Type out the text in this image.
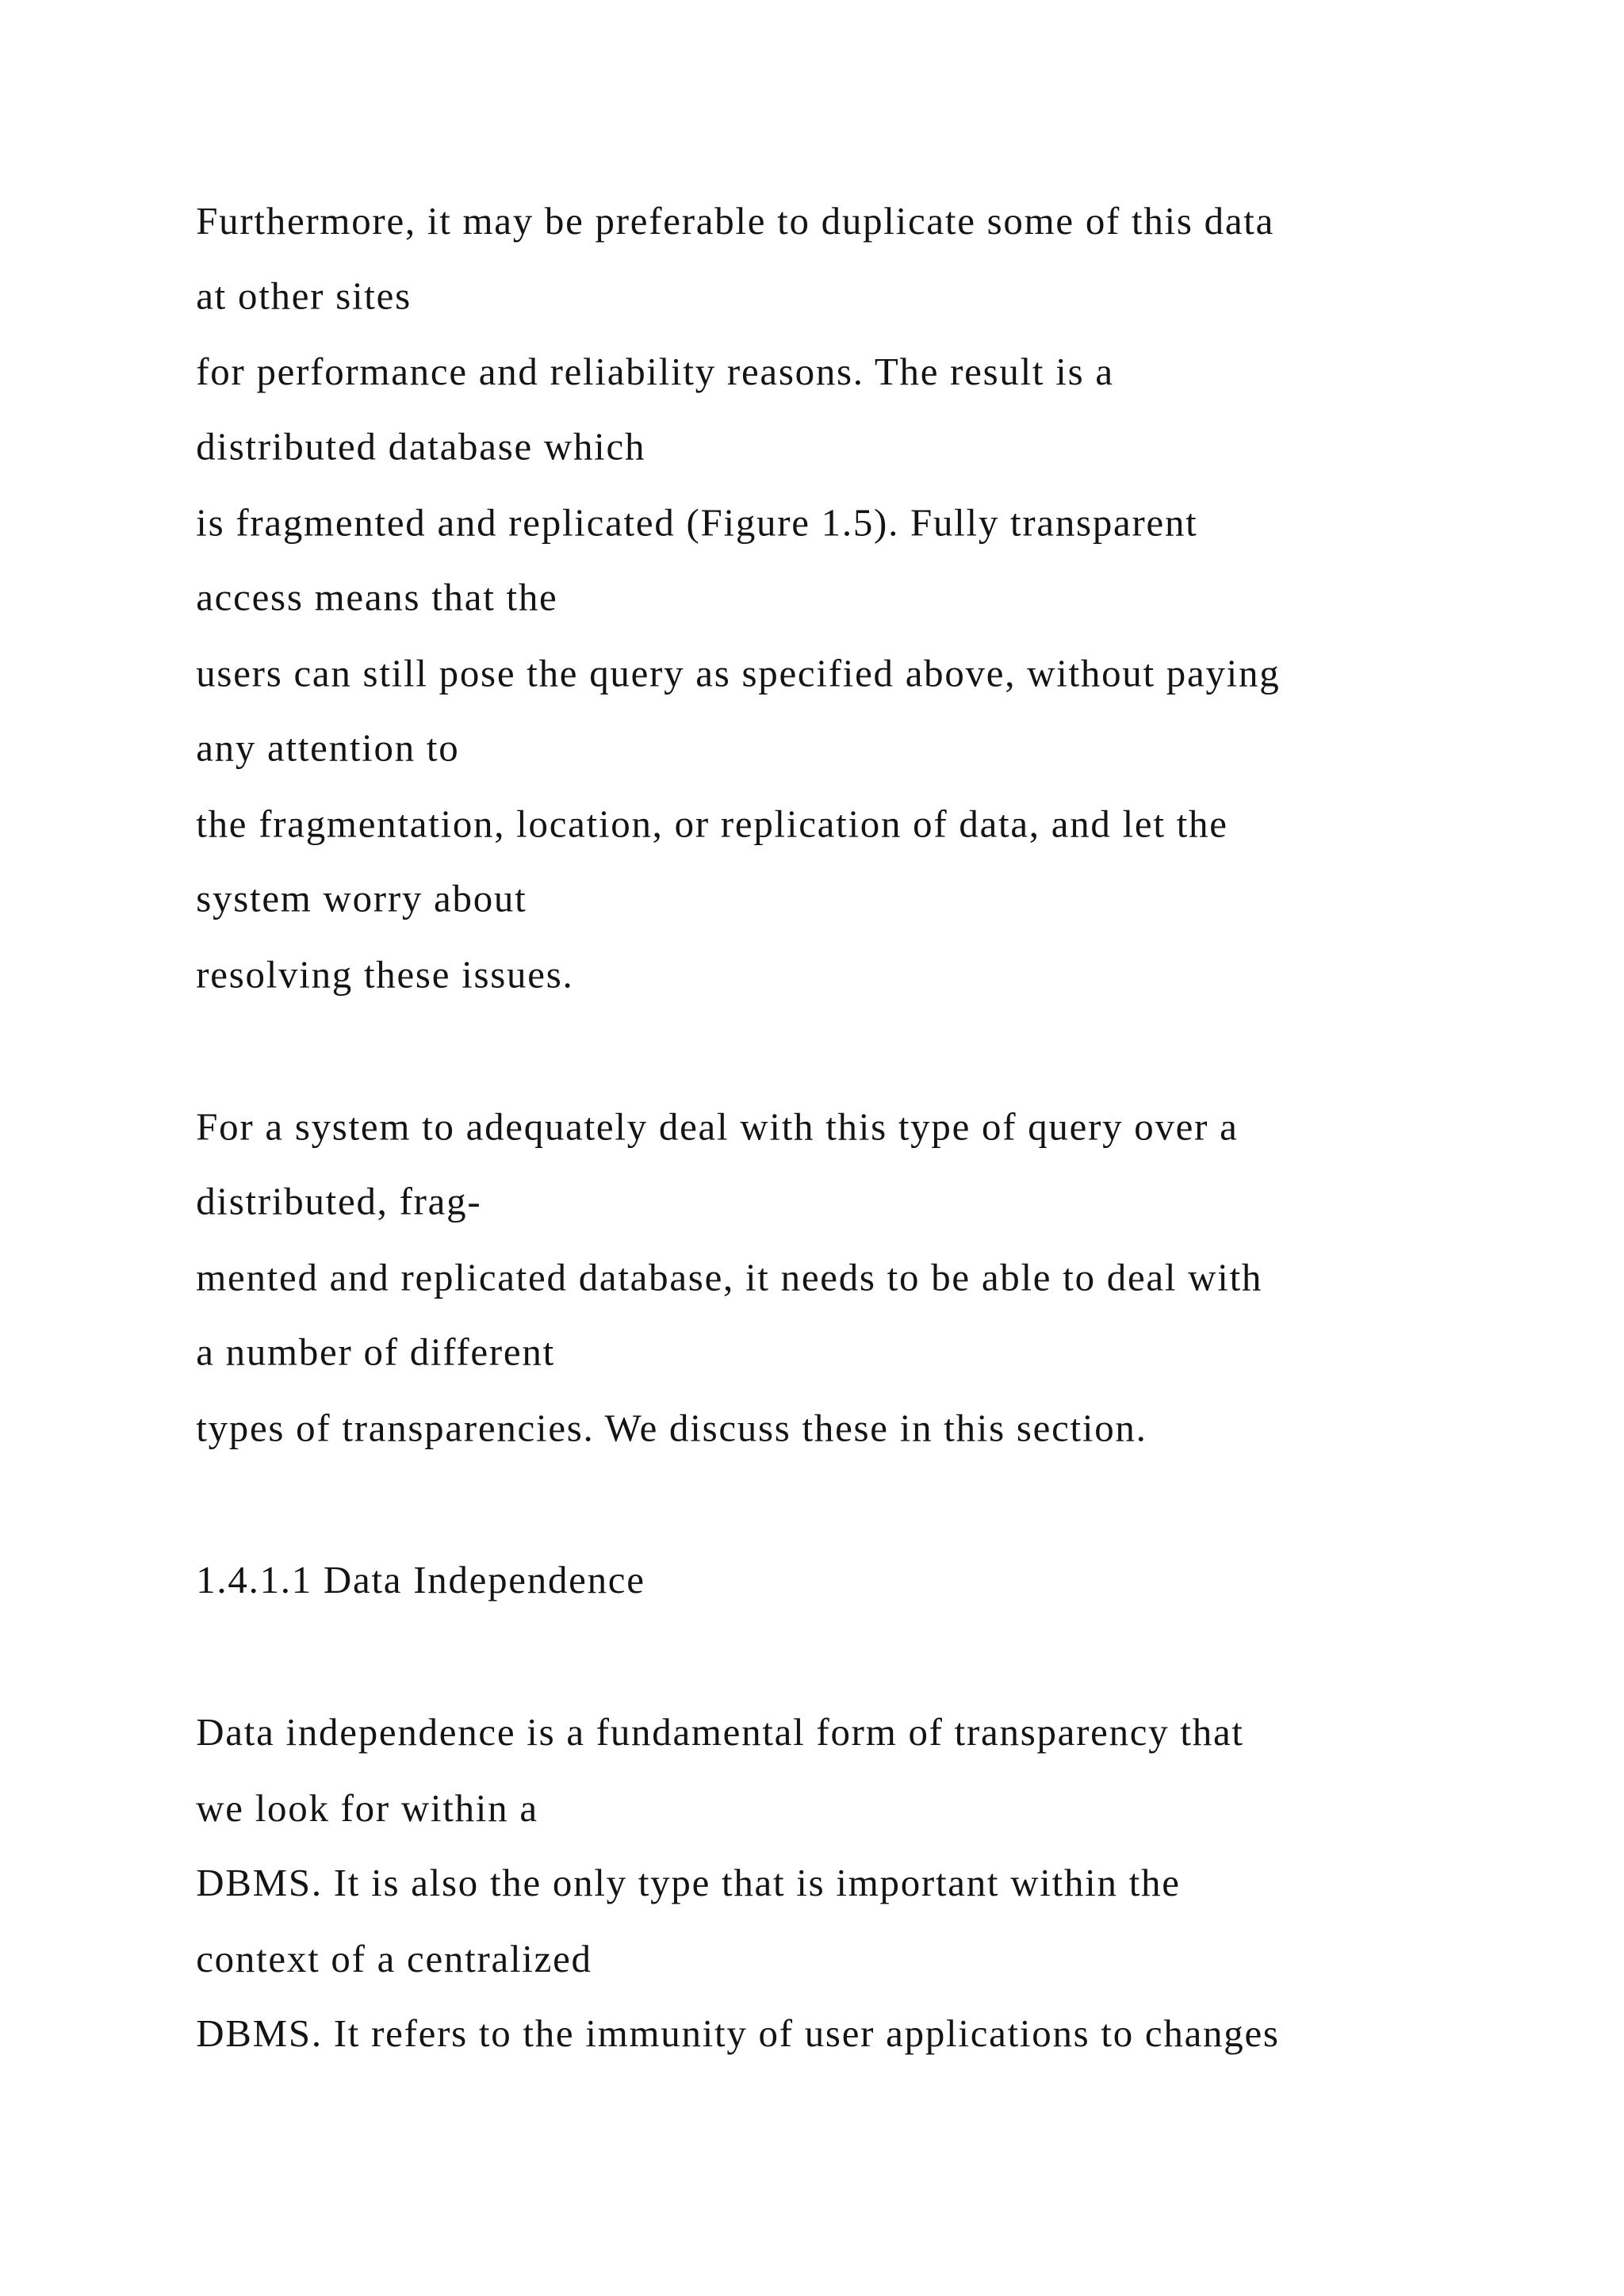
Furthermore, it may be preferable to duplicate some of this data

at other sites

for performance and reliability reasons. The result is a

distributed database which

is fragmented and replicated (Figure 1.5). Fully transparent

access means that the

users can still pose the query as specified above, without paying

any attention to

the fragmentation, location, or replication of data, and let the

system worry about

resolving these issues.

For a system to adequately deal with this type of query over a

distributed, frag-

mented and replicated database, it needs to be able to deal with

a number of different

types of transparencies. We discuss these in this section.

1.4.1.1 Data Independence

Data independence is a fundamental form of transparency that

we look for within a

DBMS. It is also the only type that is important within the

context of a centralized

DBMS. It refers to the immunity of user applications to changes
